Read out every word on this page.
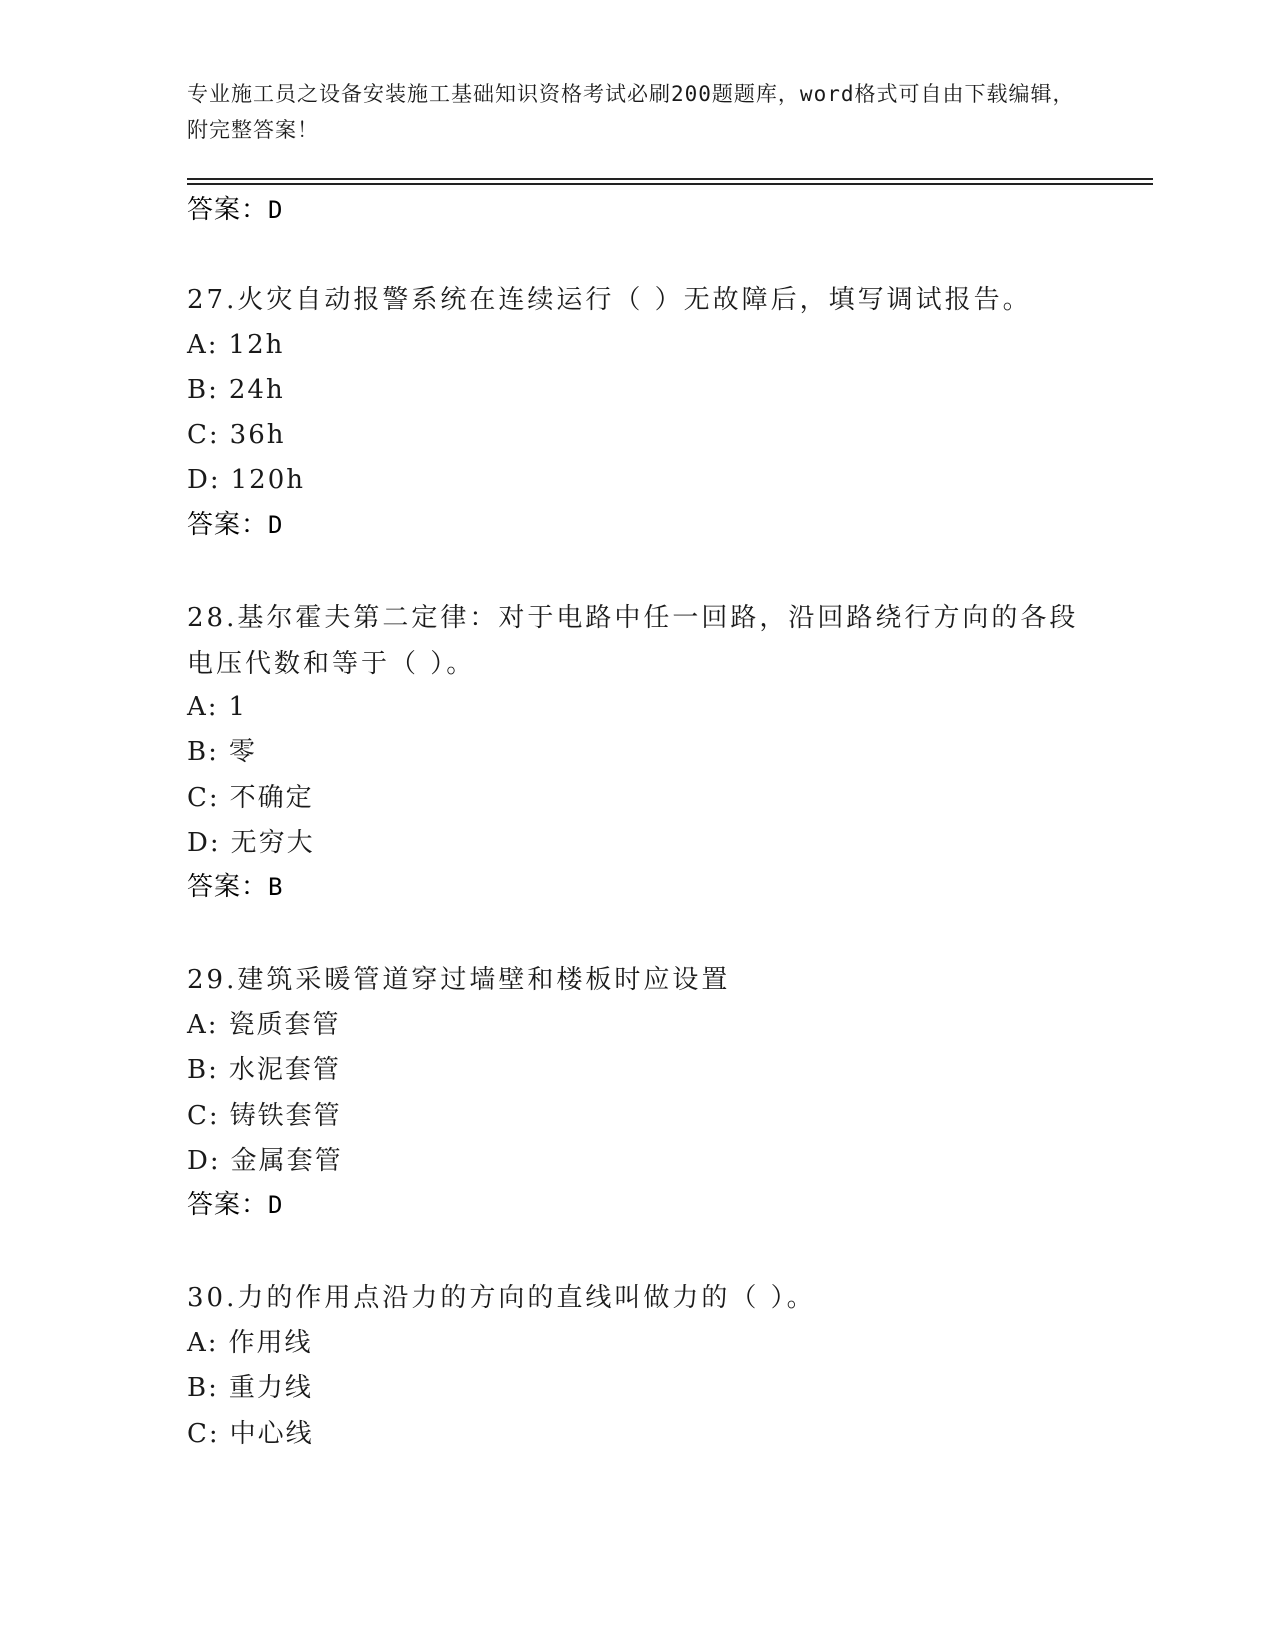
专业施工员之设备安装施工基础知识资格考试必刷200题题库，word格式可自由下载编辑，附完整答案！
答案：D
27.火灾自动报警系统在连续运行（ ）无故障后，填写调试报告。
A: 12h
B: 24h
C: 36h
D: 120h
答案：D
28.基尔霍夫第二定律：对于电路中任一回路，沿回路绕行方向的各段电压代数和等于（ ）。
A: 1
B: 零
C: 不确定
D: 无穷大
答案：B
29.建筑采暖管道穿过墙壁和楼板时应设置
A: 瓷质套管
B: 水泥套管
C: 铸铁套管
D: 金属套管
答案：D
30.力的作用点沿力的方向的直线叫做力的（ ）。
A: 作用线
B: 重力线
C: 中心线
